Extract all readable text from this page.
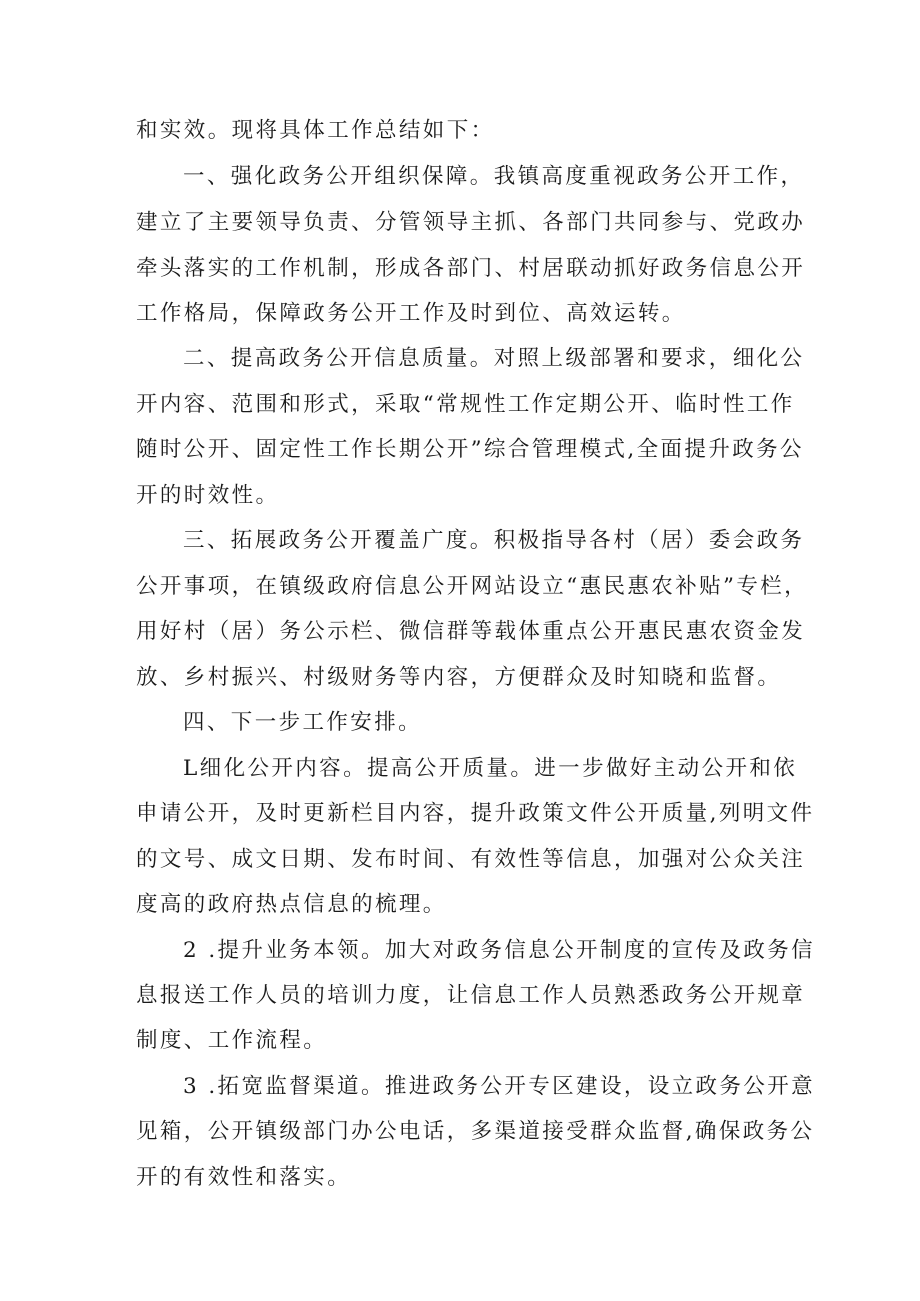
和实效。现将具体工作总结如下：
一、强化政务公开组织保障。我镇高度重视政务公开工作，
建立了主要领导负责、分管领导主抓、各部门共同参与、党政办
牵头落实的工作机制，形成各部门、村居联动抓好政务信息公开
工作格局，保障政务公开工作及时到位、高效运转。
二、提高政务公开信息质量。对照上级部署和要求，细化公
开内容、范围和形式，采取“常规性工作定期公开、临时性工作
随时公开、固定性工作长期公开”综合管理模式,全面提升政务公
开的时效性。
三、拓展政务公开覆盖广度。积极指导各村（居）委会政务
公开事项，在镇级政府信息公开网站设立“惠民惠农补贴”专栏，
用好村（居）务公示栏、微信群等载体重点公开惠民惠农资金发
放、乡村振兴、村级财务等内容，方便群众及时知晓和监督。
四、下一步工作安排。
L细化公开内容。提高公开质量。进一步做好主动公开和依
申请公开，及时更新栏目内容，提升政策文件公开质量,列明文件
的文号、成文日期、发布时间、有效性等信息，加强对公众关注
度高的政府热点信息的梳理。
2 .提升业务本领。加大对政务信息公开制度的宣传及政务信
息报送工作人员的培训力度，让信息工作人员熟悉政务公开规章
制度、工作流程。
3 .拓宽监督渠道。推进政务公开专区建设，设立政务公开意
见箱，公开镇级部门办公电话，多渠道接受群众监督,确保政务公
开的有效性和落实。
